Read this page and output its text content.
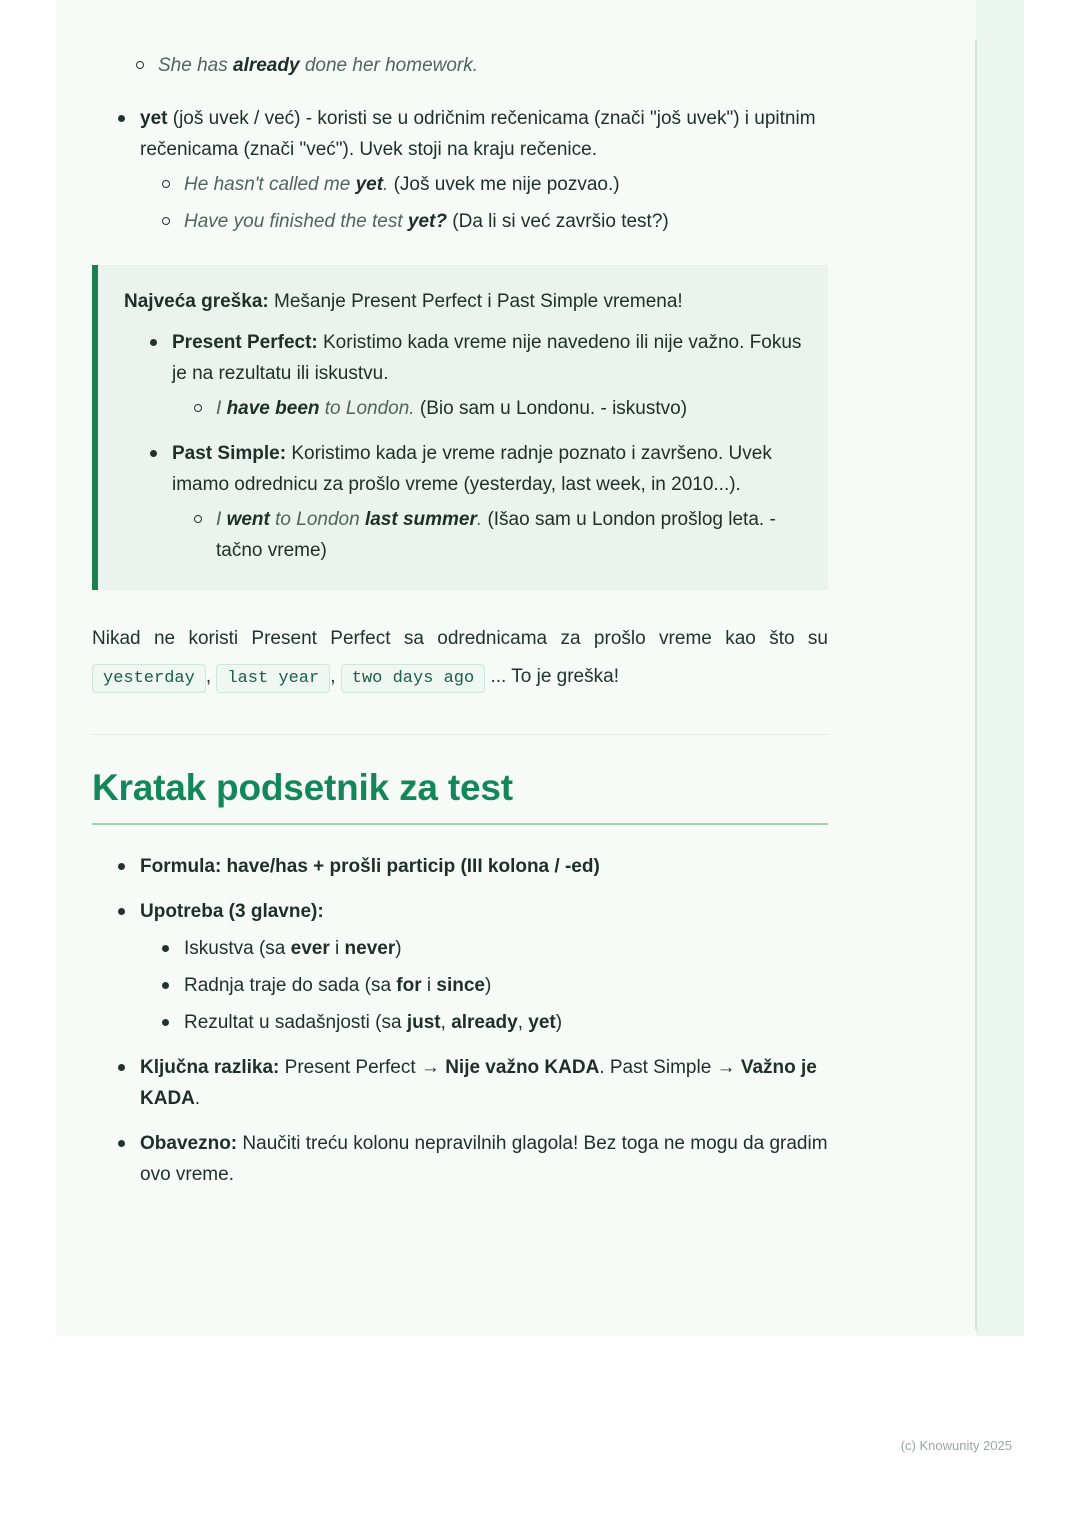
She has already done her homework.
yet (još uvek / već) - koristi se u odričnim rečenicama (znači "još uvek") i upitnim rečenicama (znači "već"). Uvek stoji na kraju rečenice.
He hasn't called me yet. (Još uvek me nije pozvao.)
Have you finished the test yet? (Da li si već završio test?)
Najveća greška: Mešanje Present Perfect i Past Simple vremena!
Present Perfect: Koristimo kada vreme nije navedeno ili nije važno. Fokus je na rezultatu ili iskustvu.
I have been to London. (Bio sam u Londonu. - iskustvo)
Past Simple: Koristimo kada je vreme radnje poznato i završeno. Uvek imamo odrednicu za prošlo vreme (yesterday, last week, in 2010...).
I went to London last summer. (Išao sam u London prošlog leta. - tačno vreme)
Nikad ne koristi Present Perfect sa odrednicama za prošlo vreme kao što su yesterday , last year , two days ago ... To je greška!
Kratak podsetnik za test
Formula: have/has + prošli particip (III kolona / -ed)
Upotreba (3 glavne):
Iskustva (sa ever i never)
Radnja traje do sada (sa for i since)
Rezultat u sadašnjosti (sa just, already, yet)
Ključna razlika: Present Perfect → Nije važno KADA. Past Simple → Važno je KADA.
Obavezno: Naučiti treću kolonu nepravilnih glagola! Bez toga ne mogu da gradim ovo vreme.
(c) Knowunity 2025
